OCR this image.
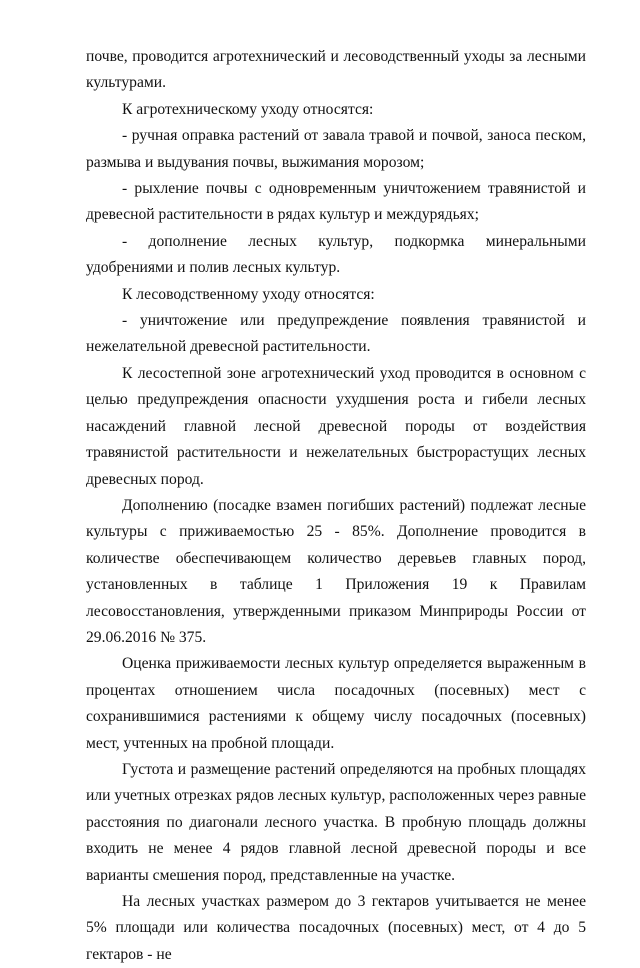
почве, проводится агротехнический и лесоводственный уходы за лесными культурами.

К агротехническому уходу относятся:

- ручная оправка растений от завала травой и почвой, заноса песком, размыва и выдувания почвы, выжимания морозом;

- рыхление почвы с одновременным уничтожением травянистой и древесной растительности в рядах культур и междурядьях;

- дополнение лесных культур, подкормка минеральными удобрениями и полив лесных культур.

К лесоводственному уходу относятся:

- уничтожение или предупреждение появления травянистой и нежелательной древесной растительности.

К лесостепной зоне агротехнический уход проводится в основном с целью предупреждения опасности ухудшения роста и гибели лесных насаждений главной лесной древесной породы от воздействия травянистой растительности и нежелательных быстрорастущих лесных древесных пород.

Дополнению (посадке взамен погибших растений) подлежат лесные культуры с приживаемостью 25 - 85%. Дополнение проводится в количестве обеспечивающем количество деревьев главных пород, установленных в таблице 1 Приложения 19 к Правилам лесовосстановления, утвержденными приказом Минприроды России от 29.06.2016 № 375.

Оценка приживаемости лесных культур определяется выраженным в процентах отношением числа посадочных (посевных) мест с сохранившимися растениями к общему числу посадочных (посевных) мест, учтенных на пробной площади.

Густота и размещение растений определяются на пробных площадях или учетных отрезках рядов лесных культур, расположенных через равные расстояния по диагонали лесного участка. В пробную площадь должны входить не менее 4 рядов главной лесной древесной породы и все варианты смешения пород, представленные на участке.

На лесных участках размером до 3 гектаров учитывается не менее 5% площади или количества посадочных (посевных) мест, от 4 до 5 гектаров - не
